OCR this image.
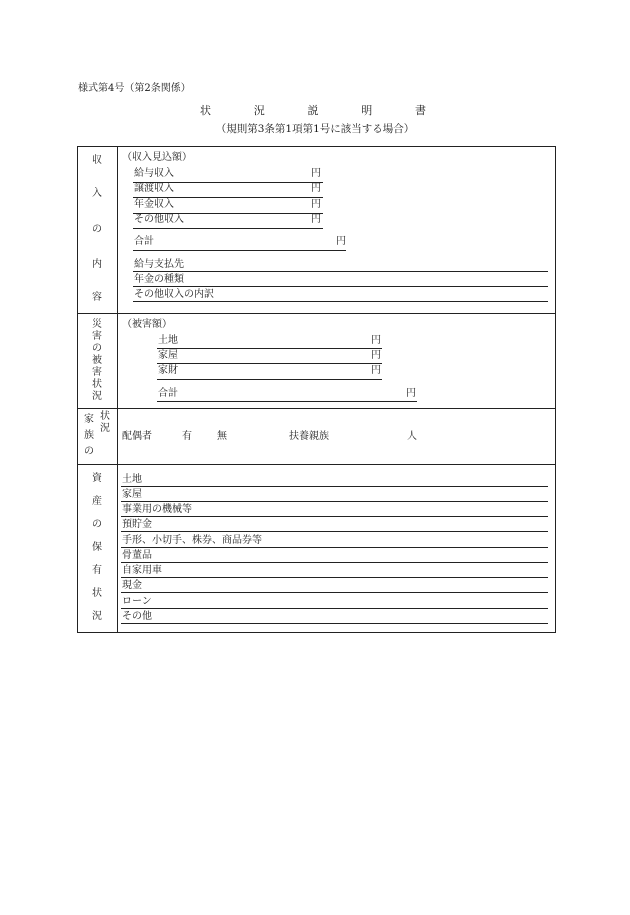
様式第4号（第2条関係）
状	況	説	明	書
（規則第3条第1項第1号に該当する場合）
収
入
の
内
容
（収入見込額）
給与収入	円
譲渡収入	円
年金収入	円
その他収入	円
合計	円
給与支払先
年金の種類
その他収入の内訳
災
害
の
被
害
状
況
（被害額）
土地	円
家屋	円
家財	円
合計	円
家
族
の
状
況
配偶者	有	無	扶養親族	人
資
産
の
保
有
状
況
土地
家屋
事業用の機械等
預貯金
手形、小切手、株券、商品券等
骨董品
自家用車
現金
ローン
その他
